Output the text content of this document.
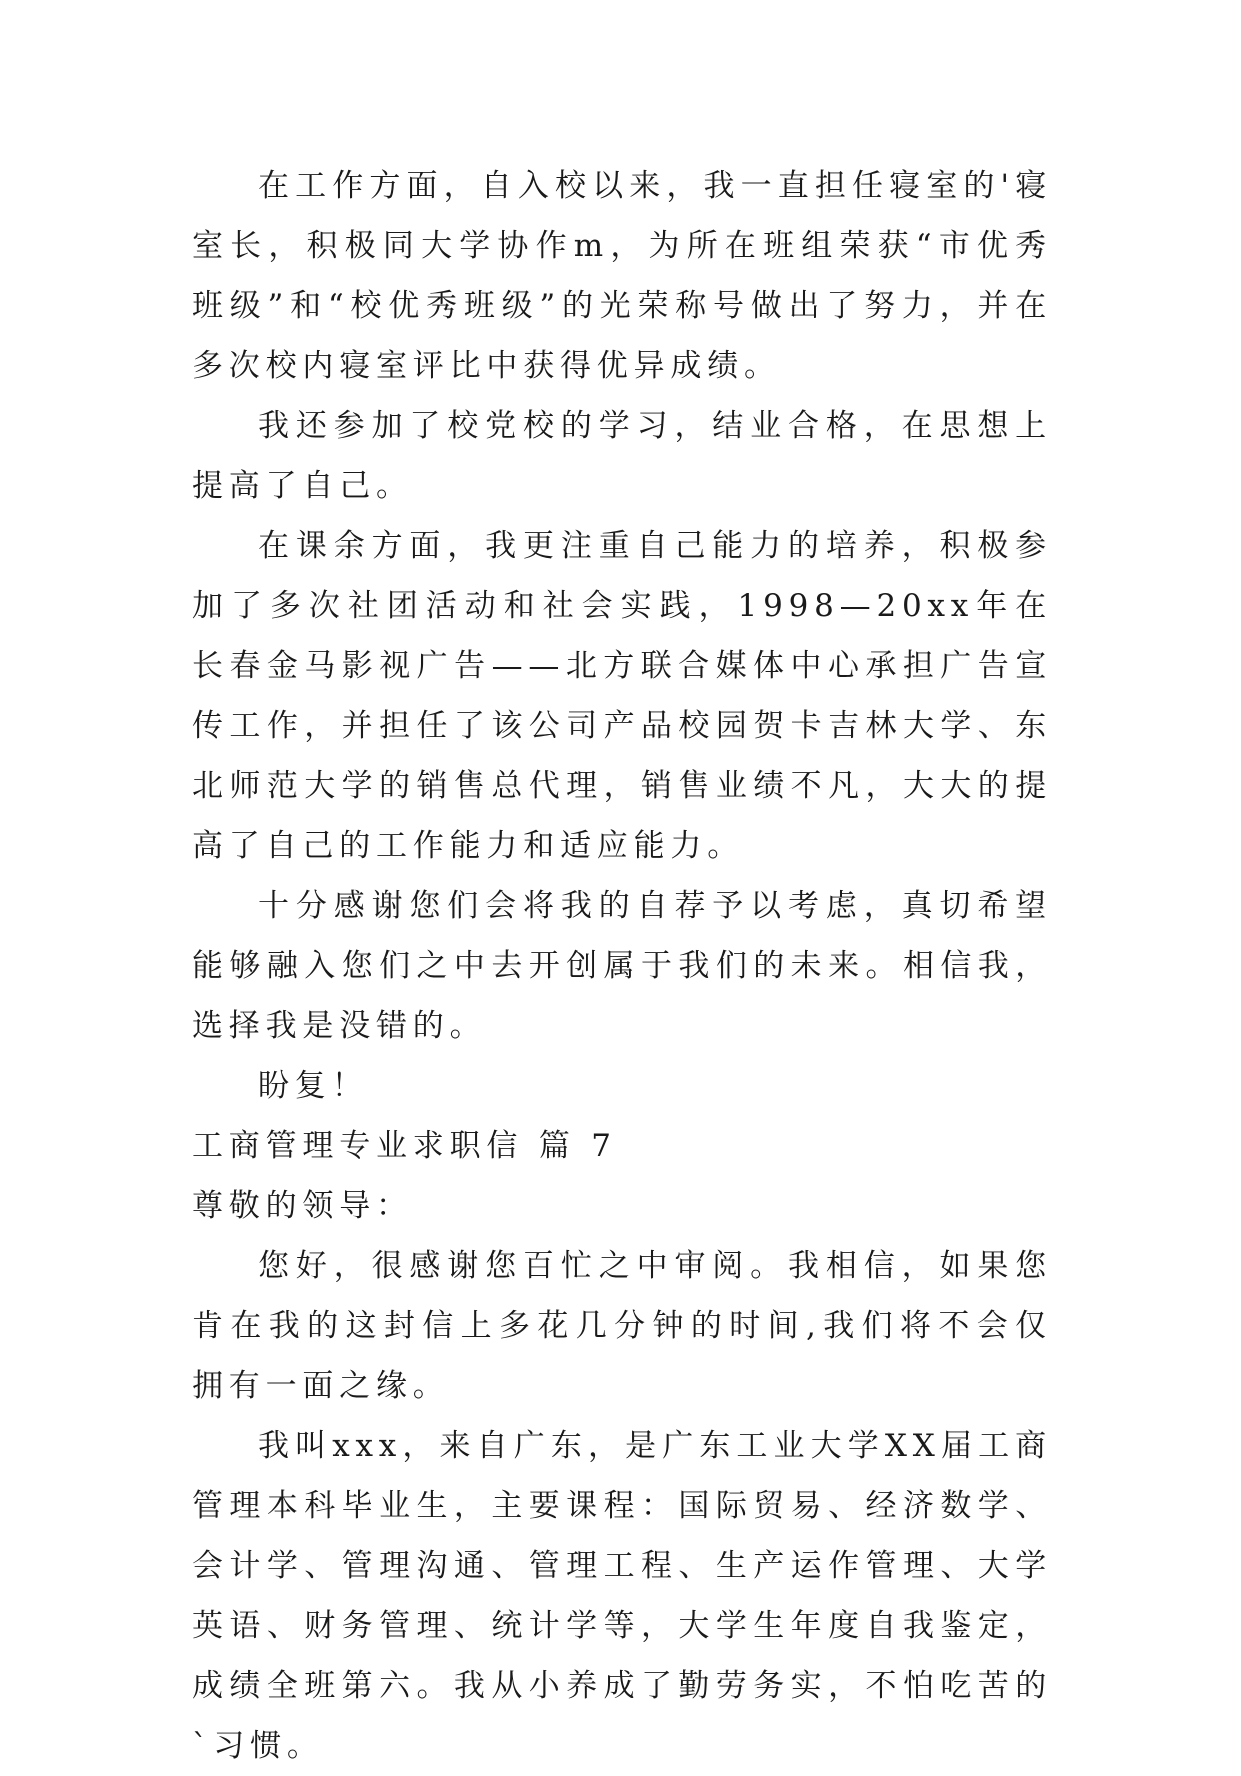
在工作方面，自入校以来，我一直担任寝室的'寝室长，积极同大学协作m，为所在班组荣获“市优秀班级”和“校优秀班级”的光荣称号做出了努力，并在多次校内寝室评比中获得优异成绩。

我还参加了校党校的学习，结业合格，在思想上提高了自己。

在课余方面，我更注重自己能力的培养，积极参加了多次社团活动和社会实践，1998—20xx年在长春金马影视广告——北方联合媒体中心承担广告宣传工作，并担任了该公司产品校园贺卡吉林大学、东北师范大学的销售总代理，销售业绩不凡，大大的提高了自己的工作能力和适应能力。

十分感谢您们会将我的自荐予以考虑，真切希望能够融入您们之中去开创属于我们的未来。相信我，选择我是没错的。

盼复！

工商管理专业求职信 篇 7

尊敬的领导：

您好，很感谢您百忙之中审阅。我相信，如果您肯在我的这封信上多花几分钟的时间,我们将不会仅拥有一面之缘。

我叫xxx，来自广东，是广东工业大学XX届工商管理本科毕业生，主要课程：国际贸易、经济数学、会计学、管理沟通、管理工程、生产运作管理、大学英语、财务管理、统计学等，大学生年度自我鉴定，成绩全班第六。我从小养成了勤劳务实，不怕吃苦的`习惯。
